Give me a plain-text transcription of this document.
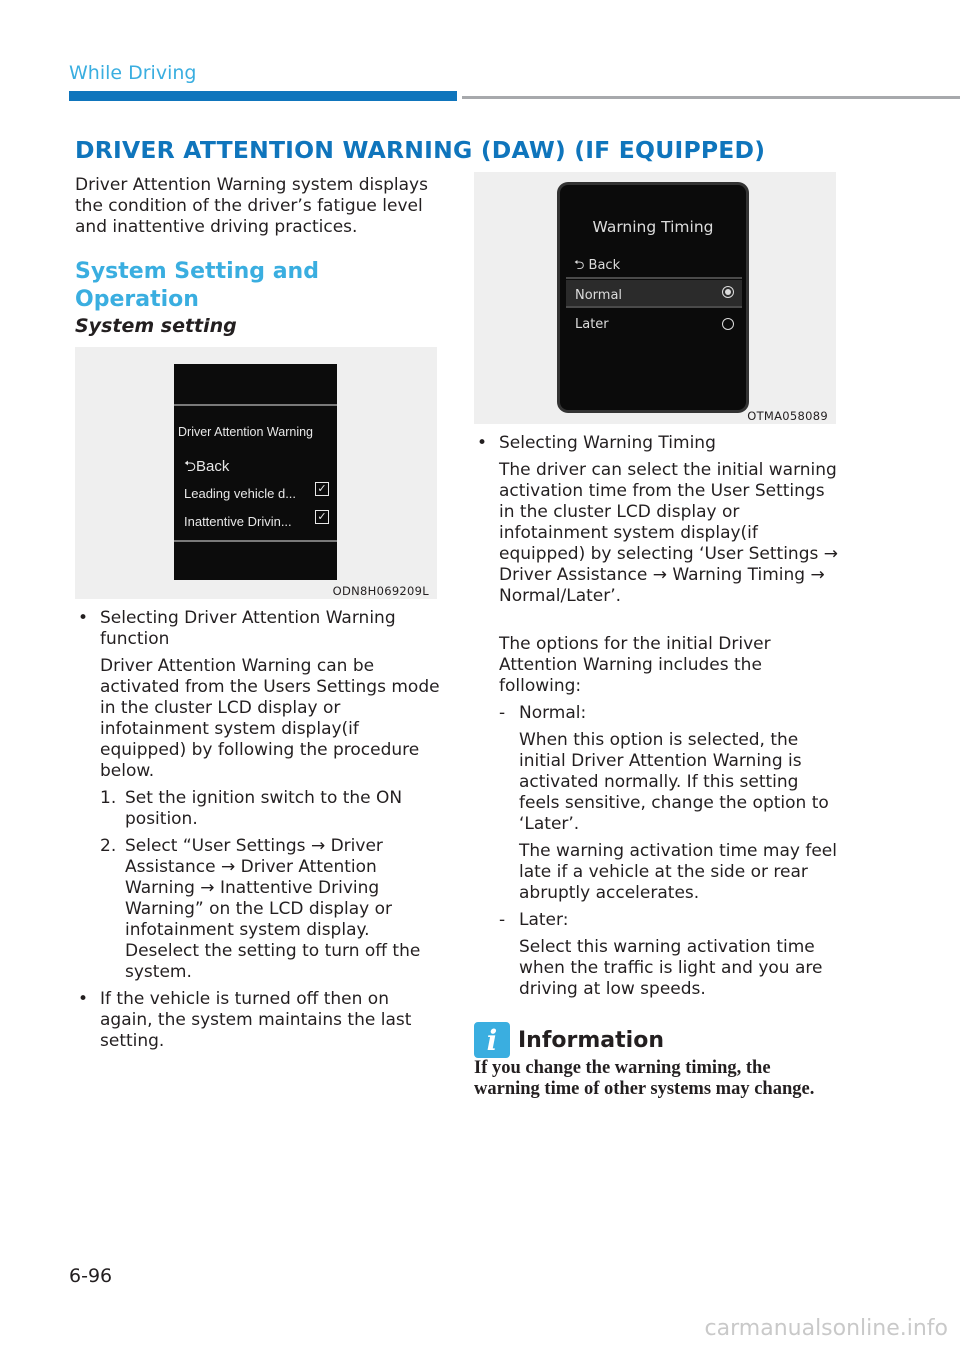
While Driving
DRIVER ATTENTION WARNING (DAW) (IF EQUIPPED)

Driver Attention Warning system displays the condition of the driver’s fatigue level and inattentive driving practices.

System Setting and Operation
System setting
Driver Attention Warning
⮌Back
Leading vehicle d... ✓
Inattentive Drivin... ✓
ODN8H069209L
• Selecting Driver Attention Warning function

Driver Attention Warning can be activated from the Users Settings mode in the cluster LCD display or infotainment system display(if equipped) by following the procedure below.

1. Set the ignition switch to the ON position.

2. Select “User Settings → Driver Assistance → Driver Attention Warning → Inattentive Driving Warning” on the LCD display or infotainment system display. Deselect the setting to turn off the system.

• If the vehicle is turned off then on again, the system maintains the last setting.

Warning Timing
⮌ Back
Normal
Later
OTMA058089
• Selecting Warning Timing

The driver can select the initial warning activation time from the User Settings in the cluster LCD display or infotainment system display(if equipped) by selecting ‘User Settings → Driver Assistance → Warning Timing → Normal/Later’.

The options for the initial Driver Attention Warning includes the following:

- Normal:

When this option is selected, the initial Driver Attention Warning is activated normally. If this setting feels sensitive, change the option to ‘Later’.

The warning activation time may feel late if a vehicle at the side or rear abruptly accelerates.

- Later:

Select this warning activation time when the traffic is light and you are driving at low speeds.

i Information

If you change the warning timing, the warning time of other systems may change.

6-96
carmanualsonline.info
